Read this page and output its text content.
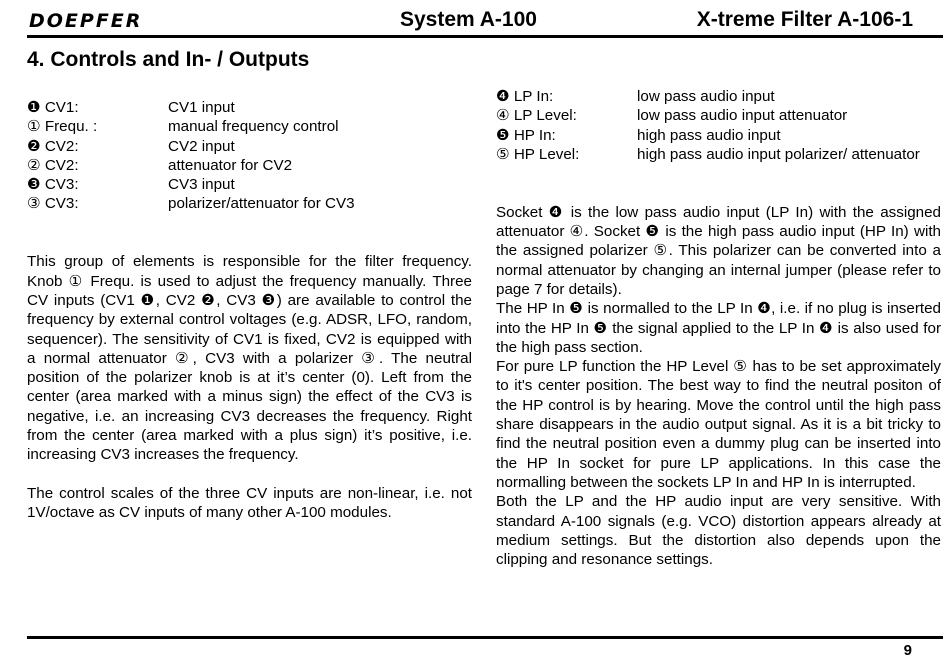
DOEPFER	System A-100	X-treme Filter A-106-1
4. Controls and In- / Outputs
❶ CV1:	CV1 input
① Frequ. :	manual frequency control
❷ CV2:	CV2 input
② CV2:	attenuator for CV2
❸ CV3:	CV3 input
③ CV3:	polarizer/attenuator for CV3

This group of elements is responsible for the filter frequency. Knob ① Frequ. is used to adjust the frequency manually. Three CV inputs (CV1 ❶, CV2 ❷, CV3 ❸) are available to control the frequency by external control voltages (e.g. ADSR, LFO, random, sequencer). The sensitivity of CV1 is fixed, CV2 is equipped with a normal attenuator ②, CV3 with a polarizer ③. The neutral position of the polarizer knob is at it’s center (0). Left from the center (area marked with a minus sign) the effect of the CV3 is negative, i.e. an increasing CV3 decreases the frequency. Right from the center (area marked with a plus sign) it’s positive, i.e. increasing CV3 increases the frequency.

The control scales of the three CV inputs are non-linear, i.e. not 1V/octave as CV inputs of many other A-100 modules.

❹ LP In:	low pass audio input
④ LP Level:	low pass audio input attenuator
❺ HP In:	high pass audio input
⑤ HP Level:	high pass audio input polarizer/ attenuator

Socket ❹ is the low pass audio input (LP In) with the assigned attenuator ④. Socket ❺ is the high pass audio input (HP In) with the assigned polarizer ⑤. This polarizer can be converted into a normal attenuator by changing an internal jumper (please refer to page 7 for details).

The HP In ❺ is normalled to the LP In ❹, i.e. if no plug is inserted into the HP In ❺ the signal applied to the LP In ❹ is also used for the high pass section.

For pure LP function the HP Level ⑤ has to be set approximately to it's center position. The best way to find the neutral positon of the HP control is by hearing. Move the control until the high pass share disappears in the audio output signal. As it is a bit tricky to find the neutral position even a dummy plug can be inserted into the HP In socket for pure LP applications. In this case the normalling between the sockets LP In and HP In is interrupted.

Both the LP and the HP audio input are very sensitive. With standard A-100 signals (e.g. VCO) distortion appears already at medium settings. But the distortion also depends upon the clipping and resonance settings.

9
